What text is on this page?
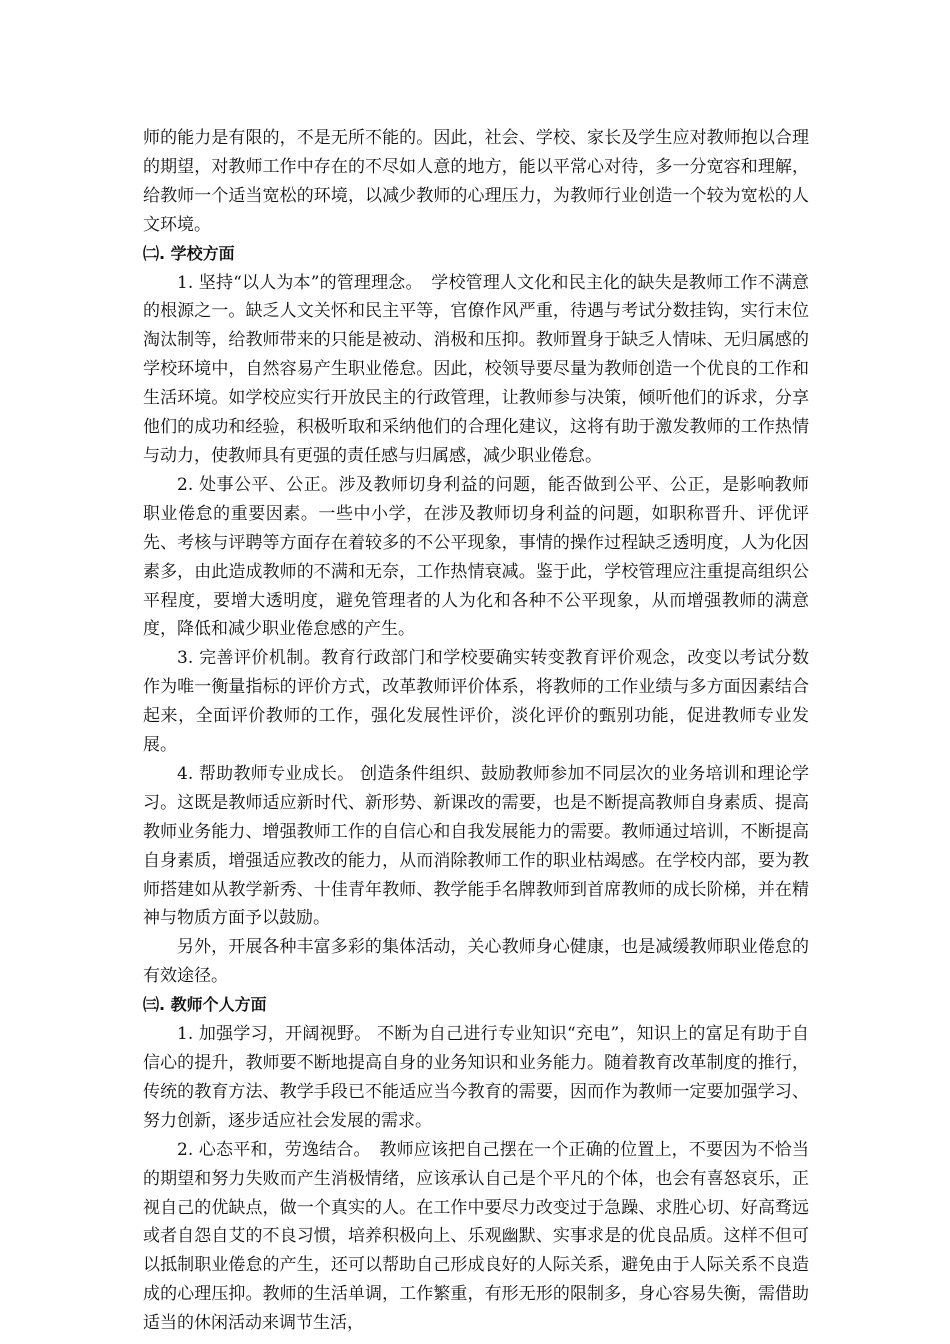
师的能力是有限的，不是无所不能的。因此，社会、学校、家长及学生应对教师抱以合理的期望，对教师工作中存在的不尽如人意的地方，能以平常心对待，多一分宽容和理解，给教师一个适当宽松的环境，以减少教师的心理压力，为教师行业创造一个较为宽松的人文环境。

㈡. 学校方面

1. 坚持“以人为本”的管理理念。　学校管理人文化和民主化的缺失是教师工作不满意的根源之一。缺乏人文关怀和民主平等，官僚作风严重，待遇与考试分数挂钩，实行末位淘汰制等，给教师带来的只能是被动、消极和压抑。教师置身于缺乏人情味、无归属感的学校环境中，自然容易产生职业倦怠。因此，校领导要尽量为教师创造一个优良的工作和生活环境。如学校应实行开放民主的行政管理，让教师参与决策，倾听他们的诉求，分享他们的成功和经验，积极听取和采纳他们的合理化建议，这将有助于激发教师的工作热情与动力，使教师具有更强的责任感与归属感，减少职业倦怠。

2. 处事公平、公正。涉及教师切身利益的问题，能否做到公平、公正，是影响教师职业倦怠的重要因素。一些中小学，在涉及教师切身利益的问题，如职称晋升、评优评先、考核与评聘等方面存在着较多的不公平现象，事情的操作过程缺乏透明度，人为化因素多，由此造成教师的不满和无奈，工作热情衰减。鉴于此，学校管理应注重提高组织公平程度，要增大透明度，避免管理者的人为化和各种不公平现象，从而增强教师的满意度，降低和减少职业倦怠感的产生。

3. 完善评价机制。教育行政部门和学校要确实转变教育评价观念，改变以考试分数作为唯一衡量指标的评价方式，改革教师评价体系，将教师的工作业绩与多方面因素结合起来，全面评价教师的工作，强化发展性评价，淡化评价的甄别功能，促进教师专业发展。

4. 帮助教师专业成长。 创造条件组织、鼓励教师参加不同层次的业务培训和理论学习。这既是教师适应新时代、新形势、新课改的需要，也是不断提高教师自身素质、提高教师业务能力、增强教师工作的自信心和自我发展能力的需要。教师通过培训，不断提高自身素质，增强适应教改的能力，从而消除教师工作的职业枯竭感。在学校内部，要为教师搭建如从教学新秀、十佳青年教师、教学能手名牌教师到首席教师的成长阶梯，并在精神与物质方面予以鼓励。

另外，开展各种丰富多彩的集体活动，关心教师身心健康，也是减缓教师职业倦怠的有效途径。

㈢. 教师个人方面

1. 加强学习，开阔视野。 不断为自己进行专业知识“充电”，知识上的富足有助于自信心的提升，教师要不断地提高自身的业务知识和业务能力。随着教育改革制度的推行，传统的教育方法、教学手段已不能适应当今教育的需要，因而作为教师一定要加强学习、努力创新，逐步适应社会发展的需求。

2. 心态平和，劳逸结合。　教师应该把自己摆在一个正确的位置上，不要因为不恰当的期望和努力失败而产生消极情绪，应该承认自己是个平凡的个体，也会有喜怒哀乐，正视自己的优缺点，做一个真实的人。在工作中要尽力改变过于急躁、求胜心切、好高骛远或者自怨自艾的不良习惯，培养积极向上、乐观幽默、实事求是的优良品质。这样不但可以抵制职业倦怠的产生，还可以帮助自己形成良好的人际关系，避免由于人际关系不良造成的心理压抑。教师的生活单调，工作繁重，有形无形的限制多，身心容易失衡，需借助适当的休闲活动来调节生活，
